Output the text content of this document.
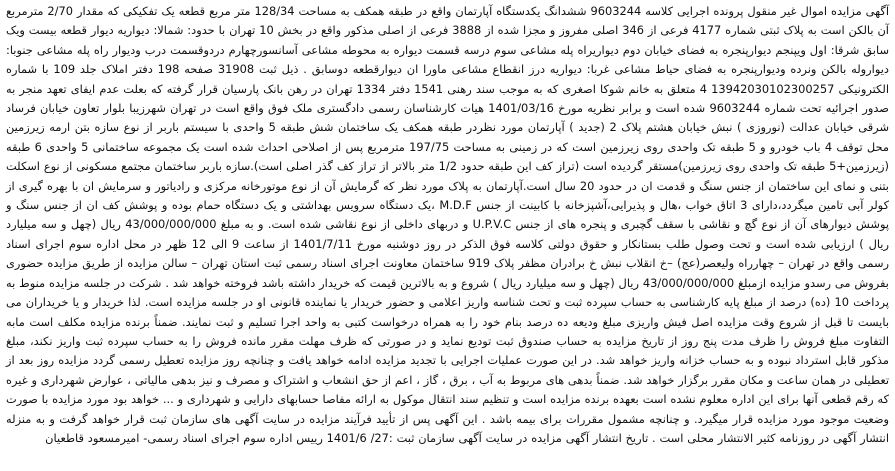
آگهی مزایده اموال غیر منقول پرونده اجرایی کلاسه 9603244 ششدانگ یکدستگاه آپارتمان واقع در طبقه همکف به مساحت 128/34 متر مربع قطعه یک تفکیکی که مقدار 2/70 مترمربع آن بالکن است به پلاک ثبتی شماره 4177 فرعی از 346 اصلی مفروز و مجزا شده از 3888 فرعی از اصلی مذکور واقع در بخش 10 تهران با حدود: شمالا: دیواریه دیوار قطعه بیست ویک سابق شرقا: اول ویپنجم دیوارپنجره به فضای خیابان دوم دیواریراه پله مشاعی سوم درسه قسمت دیواره به محوطه مشاعی آسانسورچهارم دردوقسمت درب ودیوار راه پله مشاعی جنوبا: دیواروله بالکن ونرده ودیوارپنجره به فضای حیاط مشاعی غربا: دیواریه درز انقطاع مشاعی ماورا ان دیوارقطعه دوسابق . ذیل ثبت 31908 صفحه 198 دفتر املاک جلد 109 با شماره الکترونیکی 13942030102300257 4 متعلق به خانم شوکا اصغری که به موجب سند رهنی 1541 دفتر 1334 تهران در رهن بانک پارسیان قرار گرفته که بعلت عدم ایفای تعهد منجر به صدور اجرائیه تحت شماره 9603244 شده است و برابر نظریه مورخ 1401/03/16 هیات کارشناسان رسمی دادگستری ملک فوق واقع است در تهران شهرزیبا بلوار تعاون خیابان فرساد شرقی خیابان عدالت (نوروزی ) نبش خیابان هشتم پلاک 2 (جدید ) آپارتمان مورد نظردر طبقه همکف یک ساختمان شش طبقه 5 واحدی با سیستم باربر از نوع سازه بتن ارمه زیرزمین محل توقف 4 باب خودرو و 5 طبقه تک واحدی روی زیرزمین است که در زمینی به مساحت 197/75 مترمربع پس از اصلاحی احداث شده است یک مجموعه ساختمانی 5 واحدی 6 طبقه (زیرزمین+5 طبقه تک واحدی روی زیرزمین)مستقر گردیده است (تراز کف این طبقه حدود 1/2 متر بالاتر از تراز کف گذر اصلی است).سازه باربر ساختمان مجتمع مسکونی از نوع اسکلت بتنی و نمای این ساختمان از جنس سنگ و قدمت ان در حدود 20 سال است.آپارتمان به پلاک مورد نظر که گرمایش آن از نوع موتورخانه مرکزی و رادیاتور و سرمایش ان با بهره گیری از کولر آبی تامین میگردد،دارای 3 اتاق خواب ،هال و پذیرایی،آشپزخانه با کابینت از جنس M.D.F ،یک دستگاه سرویس بهداشتی و یک دستگاه حمام بوده و پوشش کف ان از جنس سنگ و پوشش دیوارهای آن از نوع گچ و نقاشی با سقف گچبری و پنجره های از جنس U.P.V.C و دربهای داخلی از نوع نقاشی شده است. و به مبلغ 43/000/000/000 ریال (چهل و سه میلیارد ریال ) ارزیابی شده است و تحت وصول طلب بستانکار و حقوق دولتی کلاسه فوق الذکر در روز دوشنبه مورخ 1401/7/11 از ساعت 9 الی 12 ظهر در محل اداره سوم اجرای اسناد رسمی واقع در تهران – چهارراه ولیعصر(عج) –خ انقلاب نبش خ برادران مظفر پلاک 919 ساختمان معاونت اجرای اسناد رسمی ثبت استان تهران – سالن مزایده از طریق مزایده حضوری بفروش می رسدو مزایده ازمبلغ 43/000/000/000 ریال (چهل و سه میلیارد ریال ) شروع و به بالاترین قیمت که خریدار داشته باشد فروخته خواهد شد . شرکت در جلسه مزایده منوط به پرداخت 10 (ده) درصد از مبلغ پایه کارشناسی به حساب سپرده ثبت و تحت شناسه واریز اعلامی و حضور خریدار یا نماینده قانونی او در جلسه مزایده است. لذا خریدار و یا خریداران می بایست تا قبل از شروع وقت مزایده اصل فیش واریزی مبلغ ودیعه ده درصد بنام خود را به همراه درخواست کتبی به واحد اجرا تسلیم و ثبت نمایند. ضمناً برنده مزایده مکلف است مابه التفاوت مبلغ فروش را ظرف مدت پنج روز از تاریخ مزایده به حساب صندوق ثبت تودیع نماید و در صورتی که ظرف مهلت مقرر مانده فروش را به حساب سپرده ثبت واریز نکند، مبلغ مذکور قابل استرداد نبوده و به حساب خزانه واریز خواهد شد. در این صورت عملیات اجرایی با تجدید مزایده ادامه خواهد یافت و چنانچه روز مزایده تعطیل رسمی گردد مزایده روز بعد از تعطیلی در همان ساعت و مکان مقرر برگزار خواهد شد. ضمناً بدهی های مربوط به آب ، برق ، گاز ، اعم از حق انشعاب و اشتراک و مصرف و نیز بدهی مالیاتی ، عوارض شهرداری و غیره که رقم قطعی آنها برای این اداره معلوم نشده است بعهده برنده مزایده است و تنظیم سند انتقال موکول به ارائه مفاصا حسابهای دارایی و شهرداری و ... خواهد بود مورد مزایده با صورت وضعیت موجود مورد مزایده قرار میگیرد. و چنانچه مشمول مقررات برای بیمه باشد . این آگهی پس از تأیید فرآیند مزایده در سایت آگهی های سازمان ثبت قرار خواهد گرفت و به منزله انتشار آگهی در روزنامه کثیر الانتشار محلی است . تاریخ انتشار آگهی مزایده در سایت آگهی سازمان ثبت :27/ 1401/6 رییس اداره سوم اجرای اسناد رسمی- امیرمسعود قاطعیان
